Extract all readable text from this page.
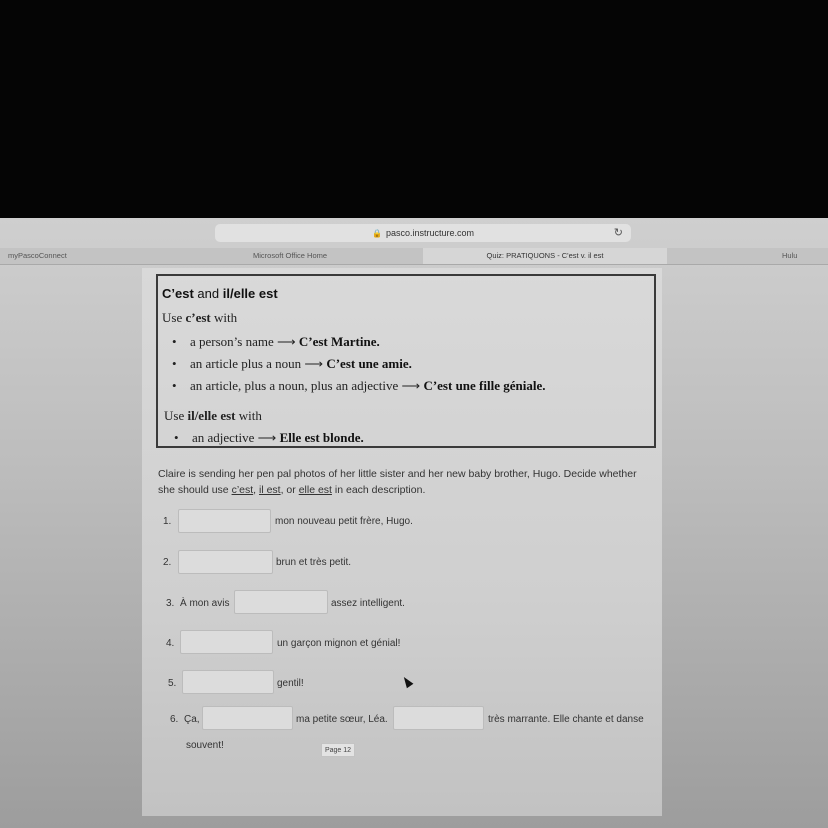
🔒 pasco.instructure.com	↻
myPascoConnect	Microsoft Office Home	Quiz: PRATIQUONS - C'est v. il est	Hulu
C’est and il/elle est
Use c’est with
• a person’s name ⟶ C’est Martine.
• an article plus a noun ⟶ C’est une amie.
• an article, plus a noun, plus an adjective ⟶ C’est une fille géniale.
Use il/elle est with
• an adjective ⟶ Elle est blonde.
Claire is sending her pen pal photos of her little sister and her new baby brother, Hugo. Decide whether
she should use c’est, il est, or elle est in each description.
1.	mon nouveau petit frère, Hugo.
2.	brun et très petit.
3. À mon avis	assez intelligent.
4.	un garçon mignon et génial!
5.	gentil!
6. Ça,	ma petite sœur, Léa.	très marrante. Elle chante et danse
souvent!	Page 12
